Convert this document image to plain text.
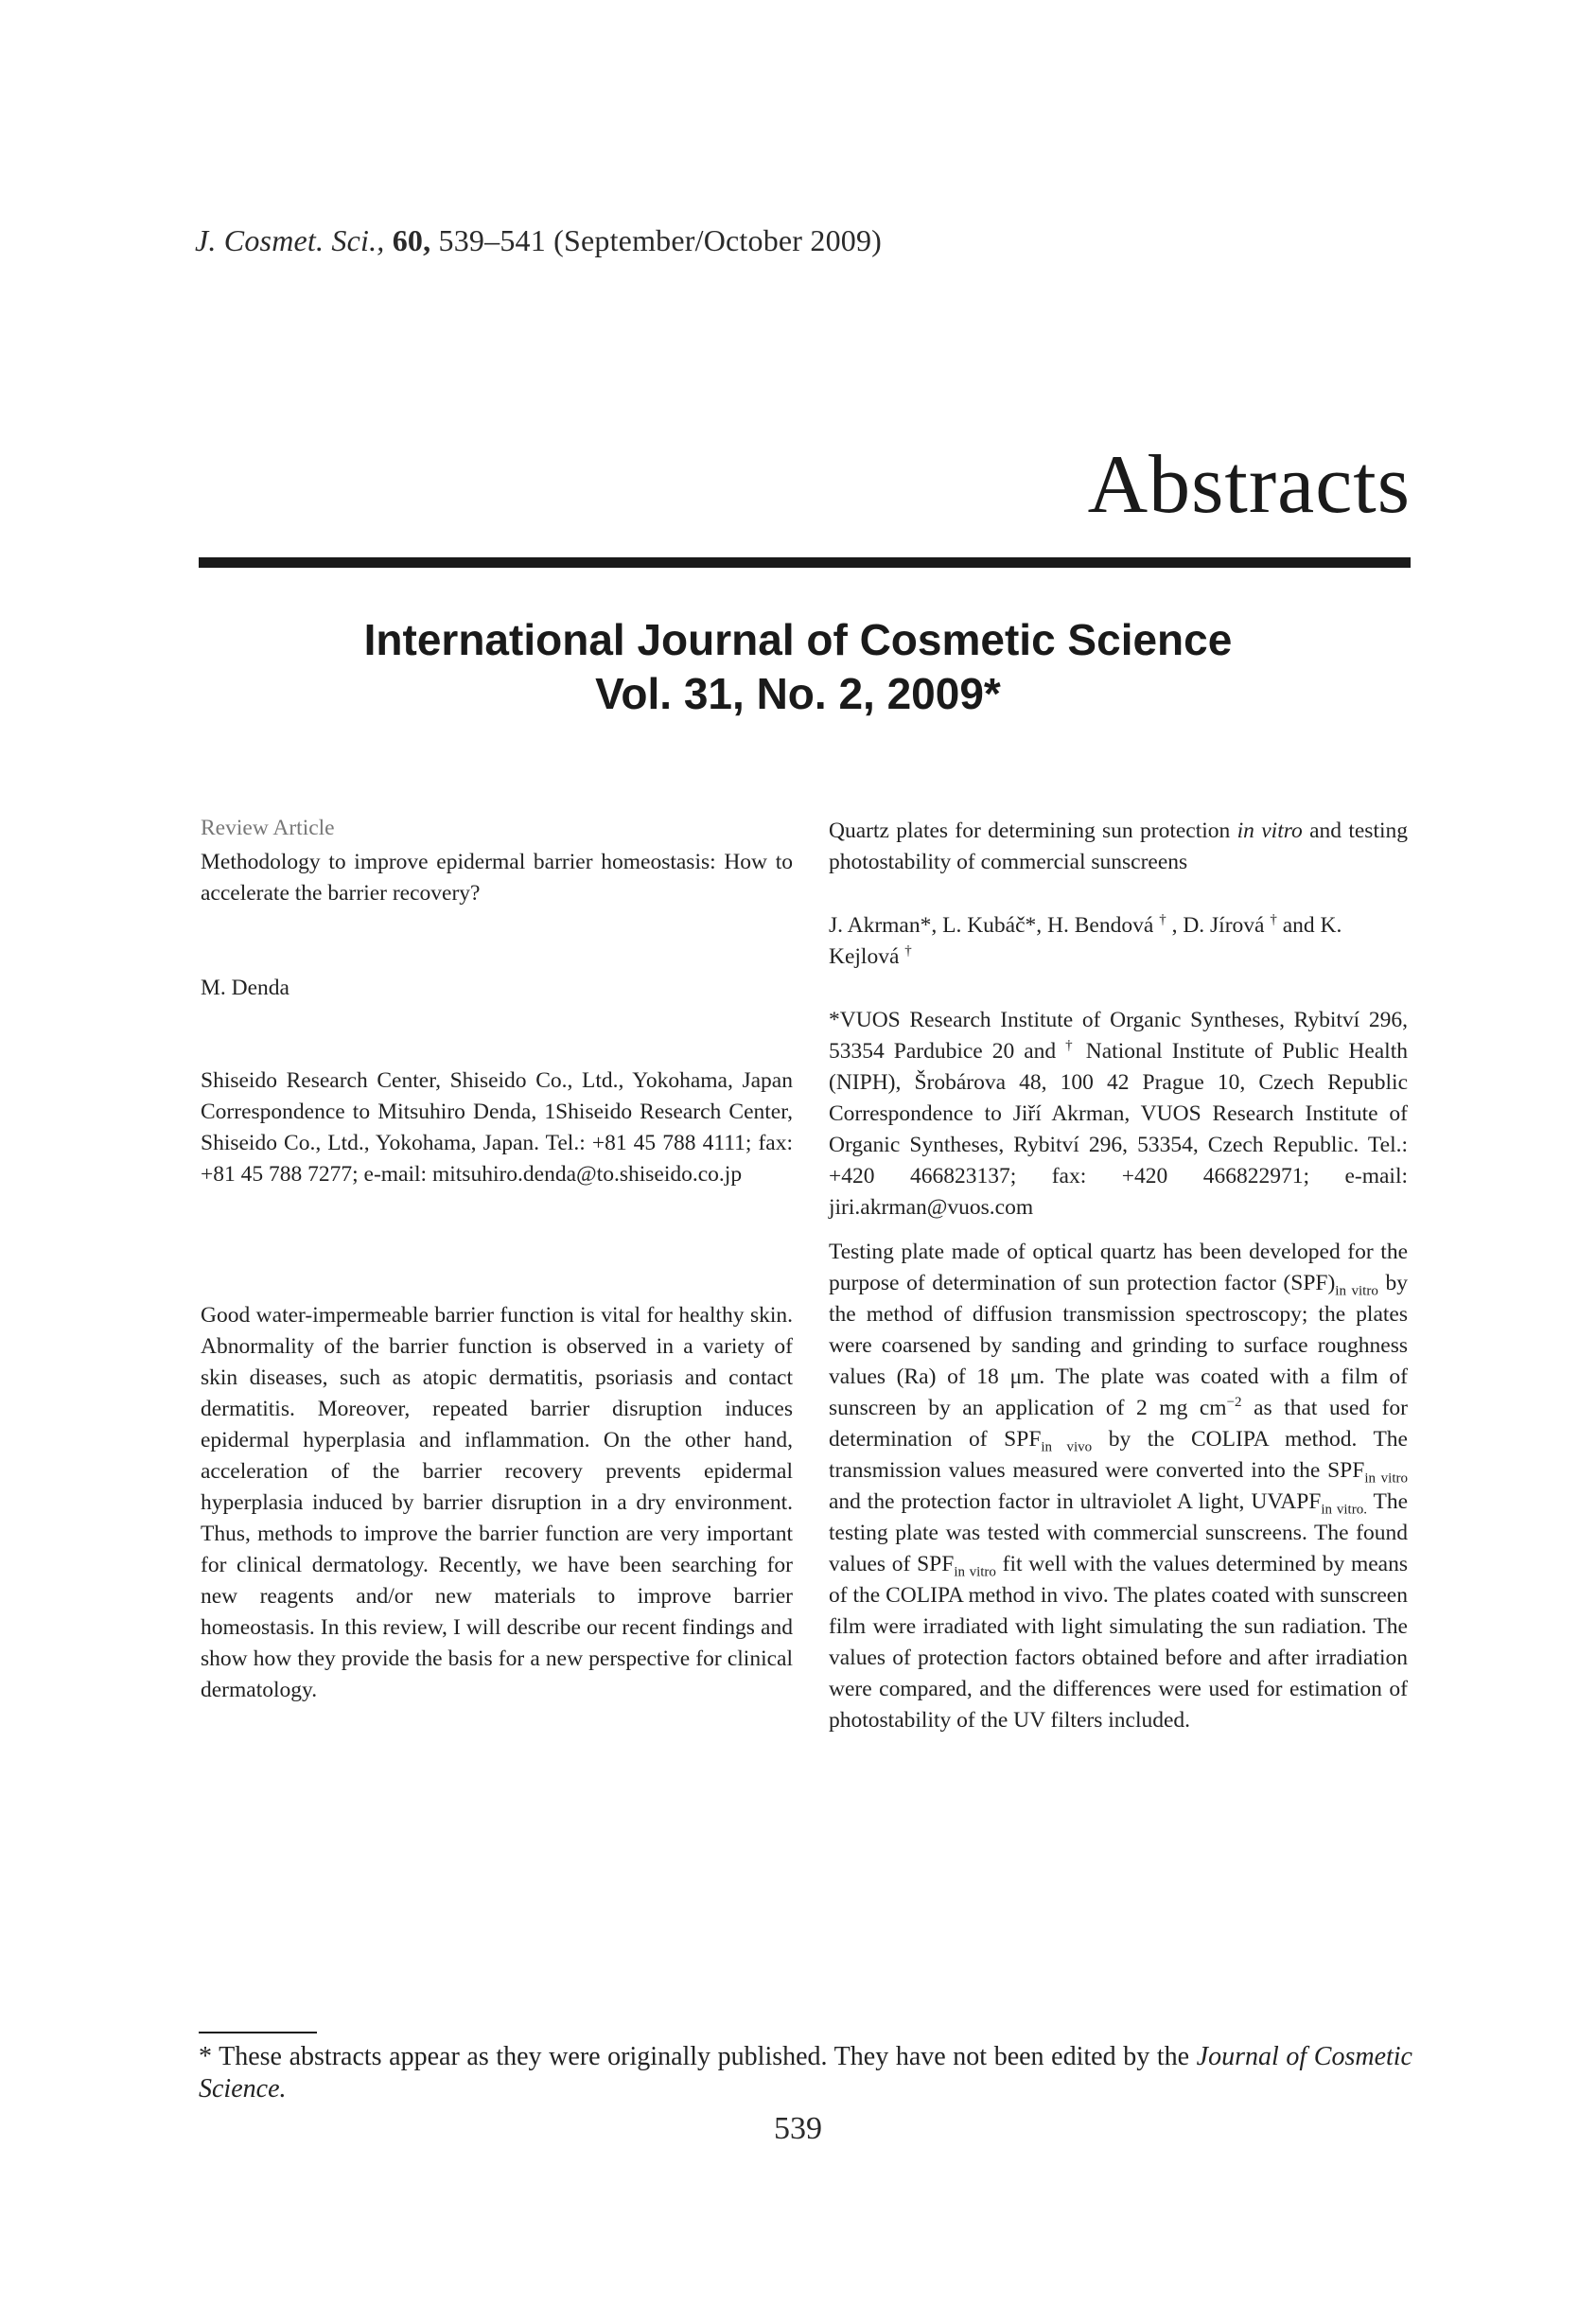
J. Cosmet. Sci., 60, 539–541 (September/October 2009)
Abstracts
International Journal of Cosmetic Science
Vol. 31, No. 2, 2009*
Review Article
Methodology to improve epidermal barrier homeostasis: How to accelerate the barrier recovery?
M. Denda
Shiseido Research Center, Shiseido Co., Ltd., Yokohama, Japan Correspondence to Mitsuhiro Denda, 1Shiseido Research Center, Shiseido Co., Ltd., Yokohama, Japan. Tel.: +81 45 788 4111; fax: +81 45 788 7277; e-mail: mitsuhiro.denda@to.shiseido.co.jp
Good water-impermeable barrier function is vital for healthy skin. Abnormality of the barrier function is observed in a variety of skin diseases, such as atopic dermatitis, psoriasis and contact dermatitis. Moreover, repeated barrier disruption induces epidermal hyperplasia and inflammation. On the other hand, acceleration of the barrier recovery prevents epidermal hyperplasia induced by barrier disruption in a dry environment. Thus, methods to improve the barrier function are very important for clinical dermatology. Recently, we have been searching for new reagents and/or new materials to improve barrier homeostasis. In this review, I will describe our recent findings and show how they provide the basis for a new perspective for clinical dermatology.
Quartz plates for determining sun protection in vitro and testing photostability of commercial sunscreens
J. Akrman*, L. Kubáč*, H. Bendová † , D. Jírová † and K. Kejlová †
*VUOS Research Institute of Organic Syntheses, Rybitví 296, 53354 Pardubice 20 and † National Institute of Public Health (NIPH), Šrobárova 48, 100 42 Prague 10, Czech Republic Correspondence to Jiří Akrman, VUOS Research Institute of Organic Syntheses, Rybitví 296, 53354, Czech Republic. Tel.: +420 466823137; fax: +420 466822971; e-mail: jiri.akrman@vuos.com
Testing plate made of optical quartz has been developed for the purpose of determination of sun protection factor $(SPF)_{in vitro}$ by the method of diffusion transmission spectroscopy; the plates were coarsened by sanding and grinding to surface roughness values (Ra) of 18 μm. The plate was coated with a film of sunscreen by an application of 2 mg $cm^{-2}$ as that used for determination of $SPF_{in vivo}$ by the COLIPA method. The transmission values measured were converted into the $SPF_{in vitro}$ and the protection factor in ultraviolet A light, $UVAPF_{in vitro.}$ The testing plate was tested with commercial sunscreens. The found values of $SPF_{in vitro}$ fit well with the values determined by means of the COLIPA method in vivo. The plates coated with sunscreen film were irradiated with light simulating the sun radiation. The values of protection factors obtained before and after irradiation were compared, and the differences were used for estimation of photostability of the UV filters included.
* These abstracts appear as they were originally published. They have not been edited by the Journal of Cosmetic Science.
539
